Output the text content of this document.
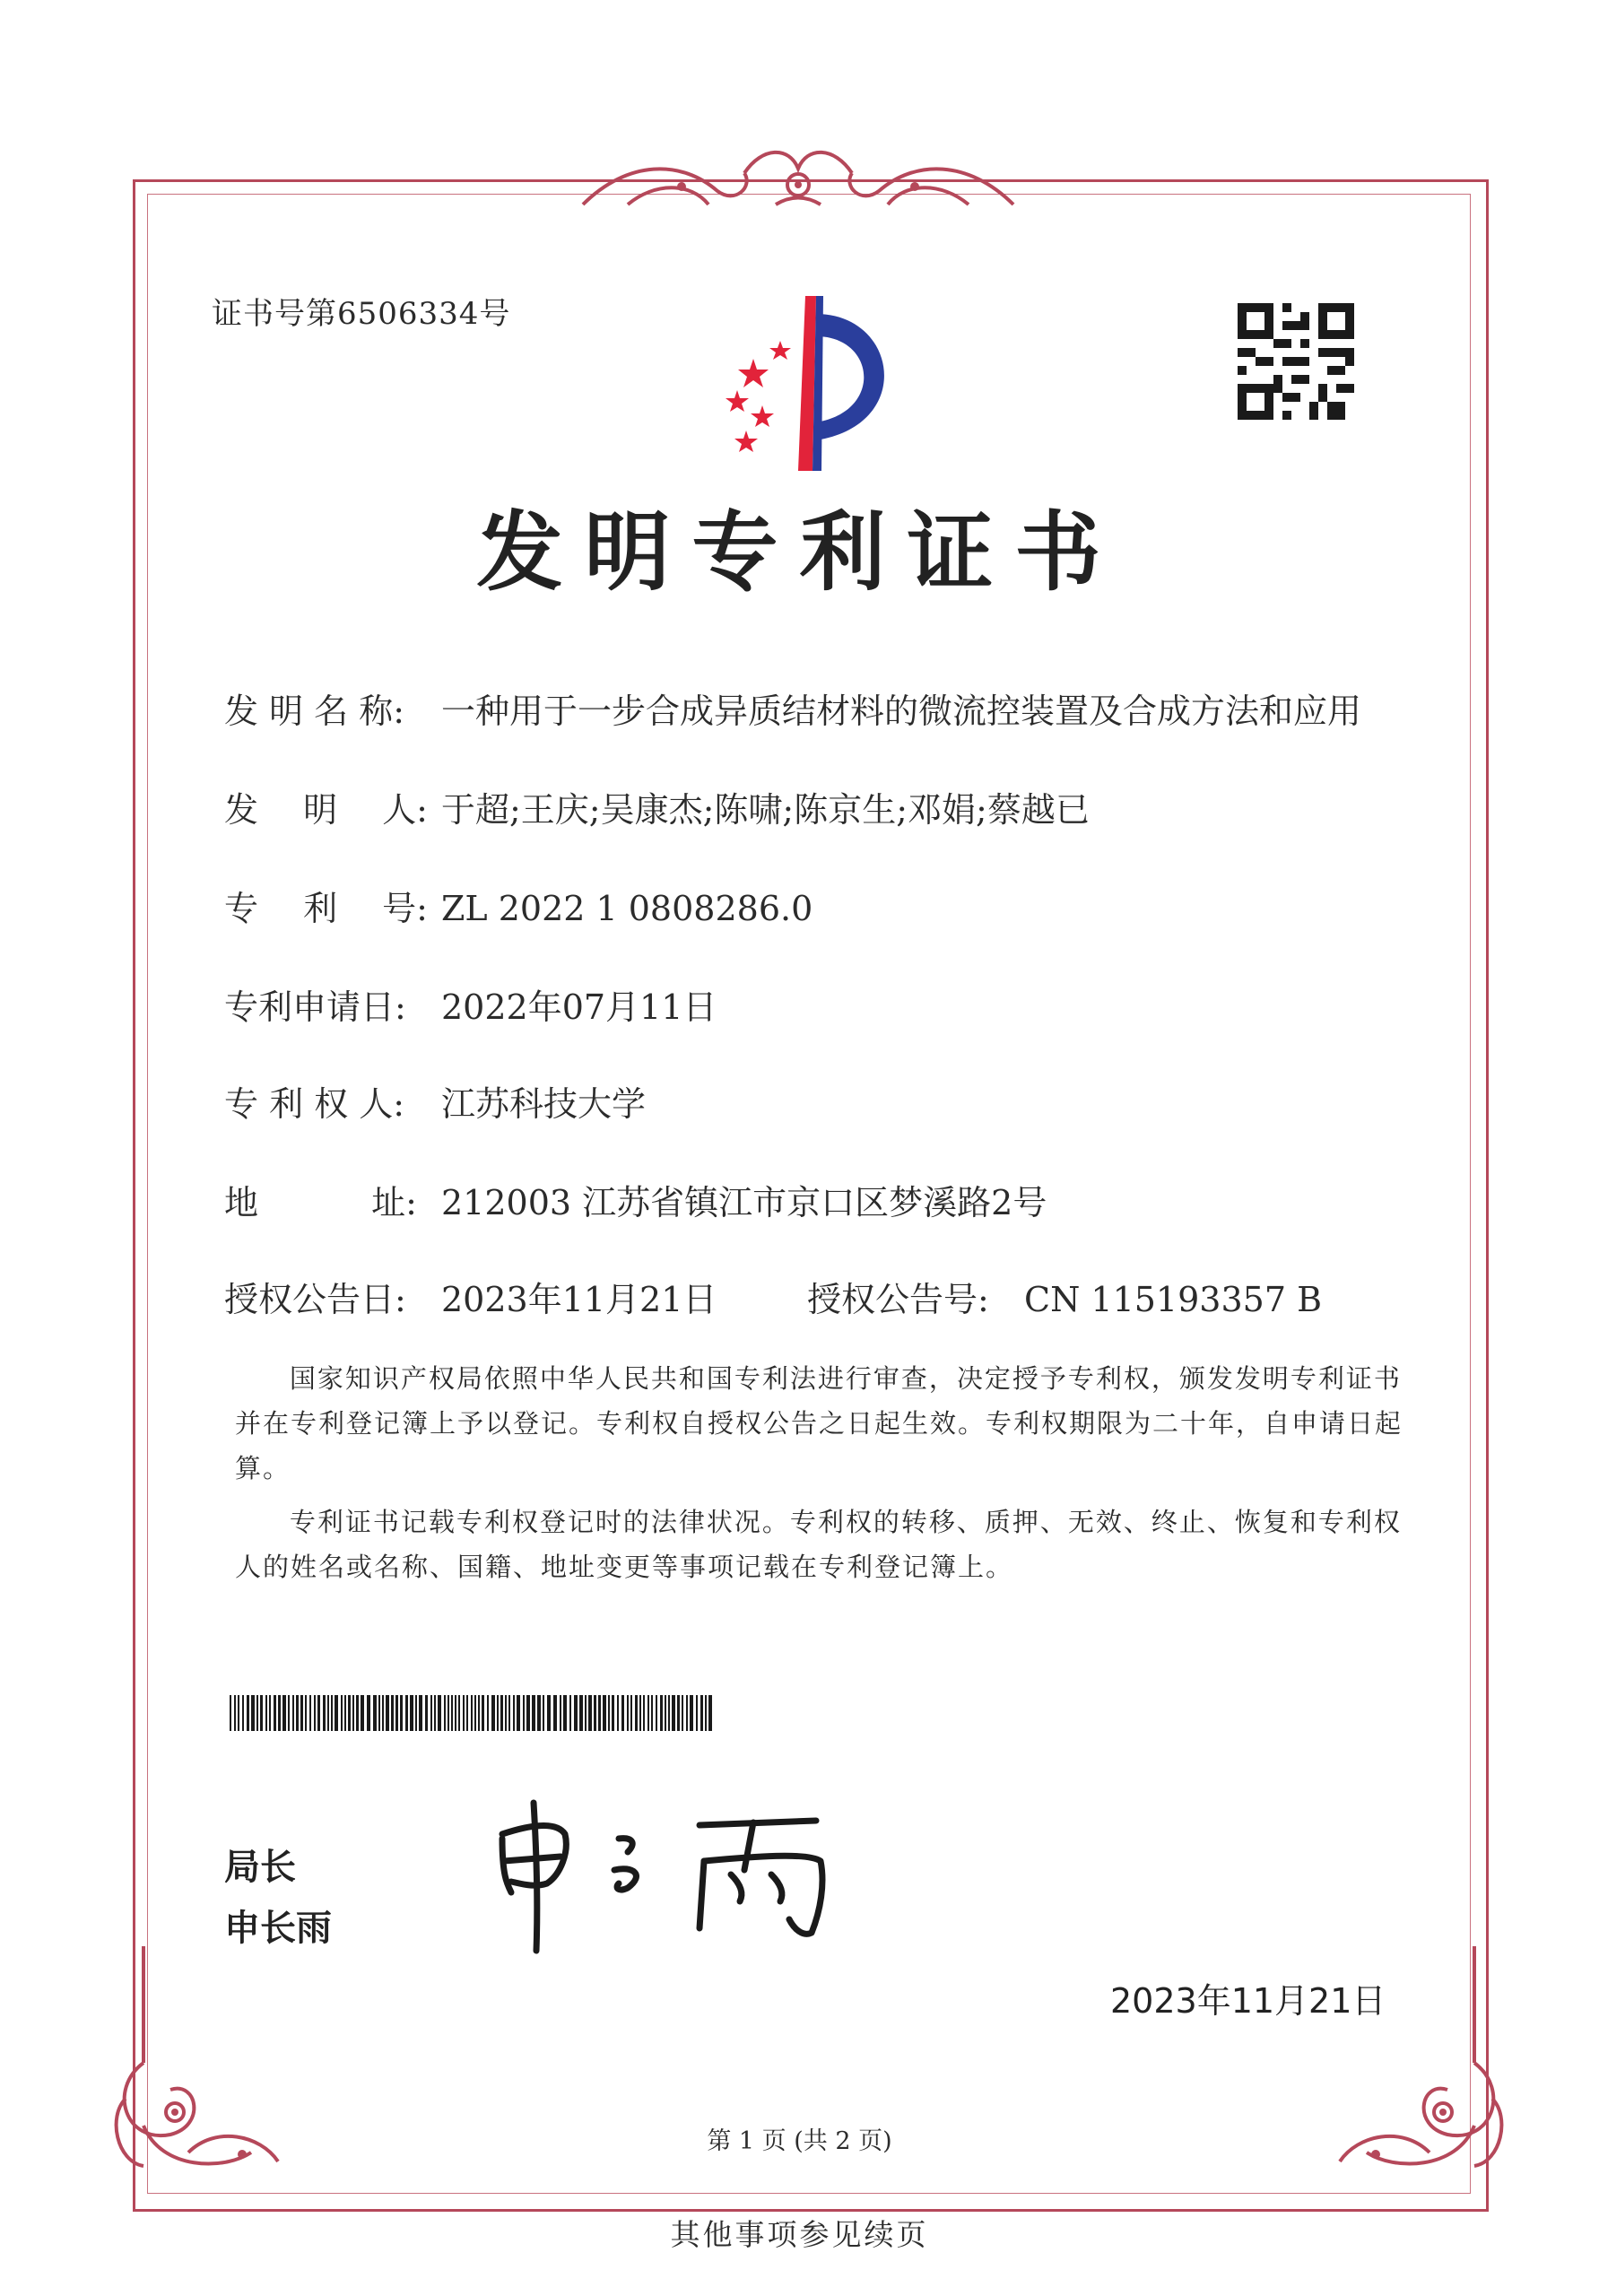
证书号第6506334号
发明专利证书
发 明 名 称: 一种用于一步合成异质结材料的微流控装置及合成方法和应用
发　 明　 人: 于超;王庆;吴康杰;陈啸;陈京生;邓娟;蔡越已
专　 利　 号: ZL 2022 1 0808286.0
专利申请日: 2022年07月11日
专 利 权 人: 江苏科技大学
地　　　 址: 212003 江苏省镇江市京口区梦溪路2号
授权公告日: 2023年11月21日	授权公告号: CN 115193357 B
国家知识产权局依照中华人民共和国专利法进行审查，决定授予专利权，颁发发明专利证书并在专利登记簿上予以登记。专利权自授权公告之日起生效。专利权期限为二十年，自申请日起算。
专利证书记载专利权登记时的法律状况。专利权的转移、质押、无效、终止、恢复和专利权人的姓名或名称、国籍、地址变更等事项记载在专利登记簿上。
局长
申长雨
2023年11月21日
第 1 页 (共 2 页)
其他事项参见续页
